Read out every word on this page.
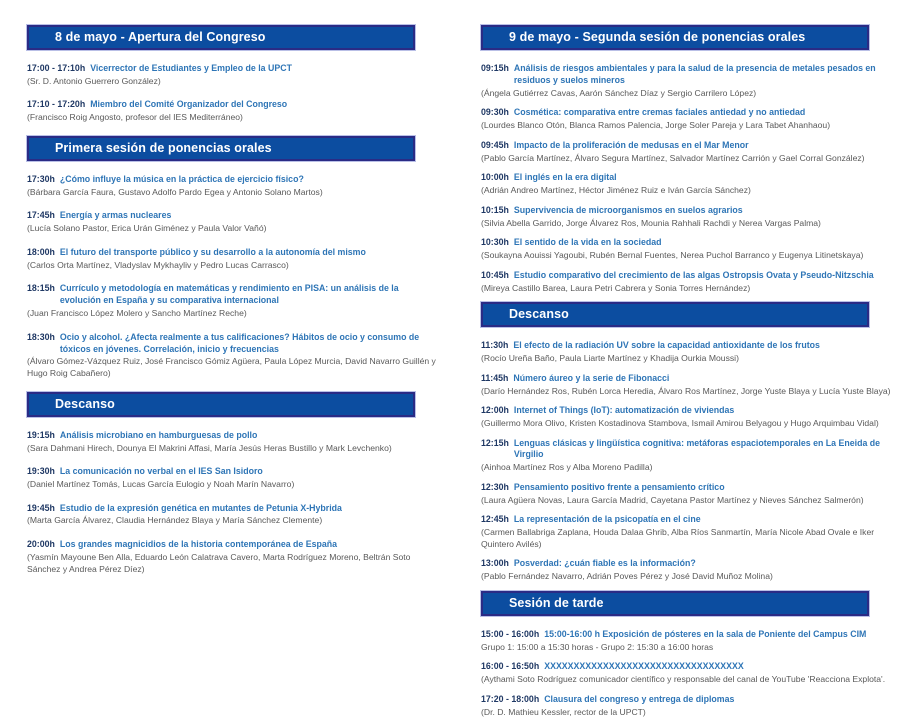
8 de mayo - Apertura del Congreso
17:00 - 17:10h Vicerrector de Estudiantes y Empleo de la UPCT
(Sr. D. Antonio Guerrero González)
17:10 - 17:20h Miembro del Comité Organizador del Congreso
(Francisco Roig Angosto, profesor del IES Mediterráneo)
Primera sesión de ponencias orales
17:30h ¿Cómo influye la música en la práctica de ejercicio físico?
(Bárbara García Faura, Gustavo Adolfo Pardo Egea y Antonio Solano Martos)
17:45h Energía y armas nucleares
(Lucía Solano Pastor, Erica Urán Giménez y Paula Valor Vañó)
18:00h El futuro del transporte público y su desarrollo a la autonomía del mismo
(Carlos Orta Martínez, Vladyslav Mykhayliv y Pedro Lucas Carrasco)
18:15h Currículo y metodología en matemáticas y rendimiento en PISA: un análisis de la evolución en España y su comparativa internacional
(Juan Francisco López Molero y Sancho Martínez Reche)
18:30h Ocio y alcohol. ¿Afecta realmente a tus calificaciones? Hábitos de ocio y consumo de tóxicos en jóvenes. Correlación, inicio y frecuencias
(Álvaro Gómez-Vázquez Ruiz, José Francisco Gómiz Agüera, Paula López Murcia, David Navarro Guillén y Hugo Roig Cabañero)
Descanso
19:15h Análisis microbiano en hamburguesas de pollo
(Sara Dahmani Hirech, Dounya El Makrini Affasi, María Jesús Heras Bustillo y Mark Levchenko)
19:30h La comunicación no verbal en el IES San Isidoro
(Daniel Martínez Tomás, Lucas García Eulogio y Noah Marín Navarro)
19:45h Estudio de la expresión genética en mutantes de Petunia X-Hybrida
(Marta García Álvarez, Claudia Hernández Blaya y María Sánchez Clemente)
20:00h Los grandes magnicidios de la historia contemporánea de España
(Yasmín Mayoune Ben Alla, Eduardo León Calatrava Cavero, Marta Rodríguez Moreno, Beltrán Soto Sánchez y Andrea Pérez Díez)
9 de mayo - Segunda sesión de ponencias orales
09:15h Análisis de riesgos ambientales y para la salud de la presencia de metales pesados en residuos y suelos mineros
(Ángela Gutiérrez Cavas, Aarón Sánchez Díaz y Sergio Carrilero López)
09:30h Cosmética: comparativa entre cremas faciales antiedad y no antiedad
(Lourdes Blanco Otón, Blanca Ramos Palencia, Jorge Soler Pareja y Lara Tabet Ahanhaou)
09:45h Impacto de la proliferación de medusas en el Mar Menor
(Pablo García Martínez, Álvaro Segura Martínez, Salvador Martínez Carrión y Gael Corral González)
10:00h El inglés en la era digital
(Adrián Andreo Martínez, Héctor Jiménez Ruiz e Iván García Sánchez)
10:15h Supervivencia de microorganismos en suelos agrarios
(Silvia Abella Garrido, Jorge Álvarez Ros, Mounia Rahhali Rachdi y Nerea Vargas Palma)
10:30h El sentido de la vida en la sociedad
(Soukayna Aouissi Yagoubi, Rubén Bernal Fuentes, Nerea Puchol Barranco y Eugenya Litinetskaya)
10:45h Estudio comparativo del crecimiento de las algas Ostropsis Ovata y Pseudo-Nitzschia
(Mireya Castillo Barea, Laura Petri Cabrera y Sonia Torres Hernández)
Descanso
11:30h El efecto de la radiación UV sobre la capacidad antioxidante de los frutos
(Rocío Ureña Baño, Paula Liarte Martínez y Khadija Ourkia Moussi)
11:45h Número áureo y la serie de Fibonacci
(Darío Hernández Ros, Rubén Lorca Heredia, Álvaro Ros Martínez, Jorge Yuste Blaya y Lucía Yuste Blaya)
12:00h Internet of Things (IoT): automatización de viviendas
(Guillermo Mora Olivo, Kristen Kostadinova Stambova, Ismail Amirou Belyagou y Hugo Arquimbau Vidal)
12:15h Lenguas clásicas y lingüística cognitiva: metáforas espaciotemporales en La Eneida de Virgilio
(Ainhoa Martínez Ros y Alba Moreno Padilla)
12:30h Pensamiento positivo frente a pensamiento crítico
(Laura Agüera Novas, Laura García Madrid, Cayetana Pastor Martínez y Nieves Sánchez Salmerón)
12:45h La representación de la psicopatía en el cine
(Carmen Ballabriga Zaplana, Houda Dalaa Ghrib, Alba Ríos Sanmartín, María Nicole Abad Ovale e Iker Quintero Avilés)
13:00h Posverdad: ¿cuán fiable es la información?
(Pablo Fernández Navarro, Adrián Poves Pérez y José David Muñoz Molina)
Sesión de tarde
15:00 - 16:00h 15:00-16:00 h Exposición de pósteres en la sala de Poniente del Campus CIM
Grupo 1: 15:00 a 15:30 horas - Grupo 2: 15:30 a 16:00 horas
16:00 - 16:50h XXXXXXXXXXXXXXXXXXXXXXXXXXXXXXXXXX
(Aythami Soto Rodríguez comunicador científico y responsable del canal de YouTube 'Reacciona Explota'.
17:20 - 18:00h Clausura del congreso y entrega de diplomas
(Dr. D. Mathieu Kessler, rector de la UPCT)
